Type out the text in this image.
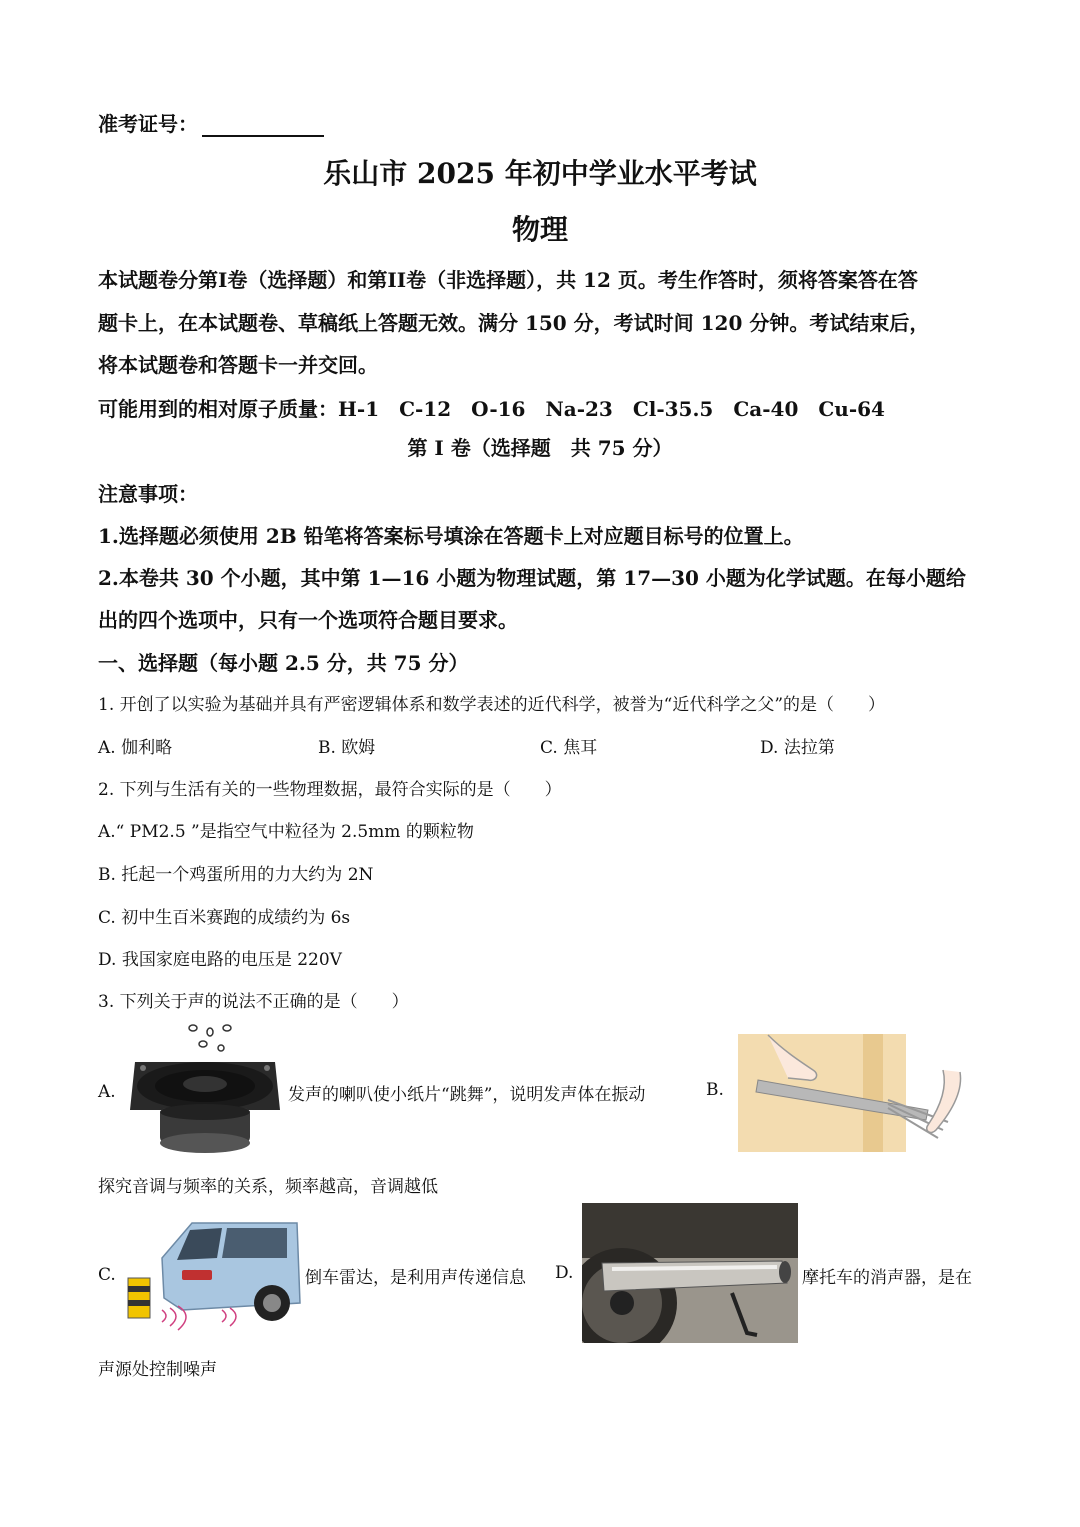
准考证号：
乐山市 2025 年初中学业水平考试
物理
本试题卷分第I卷（选择题）和第II卷（非选择题），共 12 页。考生作答时，须将答案答在答
题卡上，在本试题卷、草稿纸上答题无效。满分 150 分，考试时间 120 分钟。考试结束后，
将本试题卷和答题卡一并交回。
可能用到的相对原子质量：H-1　C-12　O-16　Na-23　Cl-35.5　Ca-40　Cu-64
第 I 卷（选择题　共 75 分）
注意事项：
1.选择题必须使用 2B 铅笔将答案标号填涂在答题卡上对应题目标号的位置上。
2.本卷共 30 个小题，其中第 1—16 小题为物理试题，第 17—30 小题为化学试题。在每小题给
出的四个选项中，只有一个选项符合题目要求。
一、选择题（每小题 2.5 分，共 75 分）
1. 开创了以实验为基础并具有严密逻辑体系和数学表述的近代科学，被誉为“近代科学之父”的是（　　）
A. 伽利略	B. 欧姆	C. 焦耳	D. 法拉第
2. 下列与生活有关的一些物理数据，最符合实际的是（　　）
A.“ PM2.5 ”是指空气中粒径为 2.5mm 的颗粒物
B. 托起一个鸡蛋所用的力大约为 2N
C. 初中生百米赛跑的成绩约为 6s
D. 我国家庭电路的电压是 220V
3. 下列关于声的说法不正确的是（　　）
A.	发声的喇叭使小纸片“跳舞”，说明发声体在振动	B.
探究音调与频率的关系，频率越高，音调越低
C.	倒车雷达，是利用声传递信息 D.	摩托车的消声器，是在
声源处控制噪声
